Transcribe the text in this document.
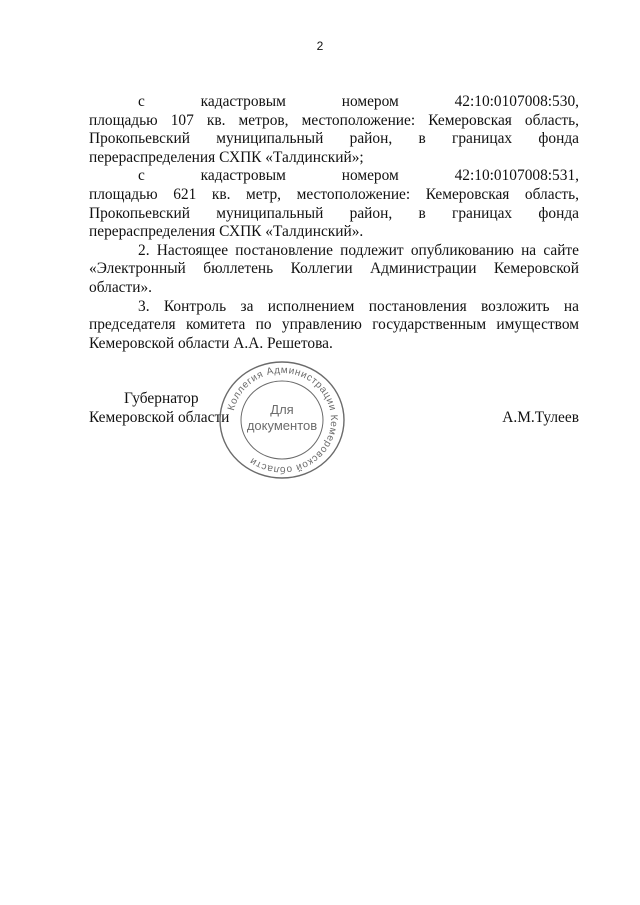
2
с кадастровым номером 42:10:0107008:530,
площадью 107 кв. метров, местоположение: Кемеровская область,
Прокопьевский муниципальный район, в границах фонда
перераспределения СХПК «Талдинский»;
с кадастровым номером 42:10:0107008:531,
площадью 621 кв. метр, местоположение: Кемеровская область,
Прокопьевский муниципальный район, в границах фонда
перераспределения СХПК «Талдинский».
2. Настоящее постановление подлежит опубликованию на сайте
«Электронный бюллетень Коллегии Администрации Кемеровской
области».
3. Контроль за исполнением постановления возложить на
председателя комитета по управлению государственным имуществом
Кемеровской области А.А. Решетова.
Губернатор
Кемеровской области	А.М.Тулеев
Коллегия Администрации Кемеровской области
Для
документов
